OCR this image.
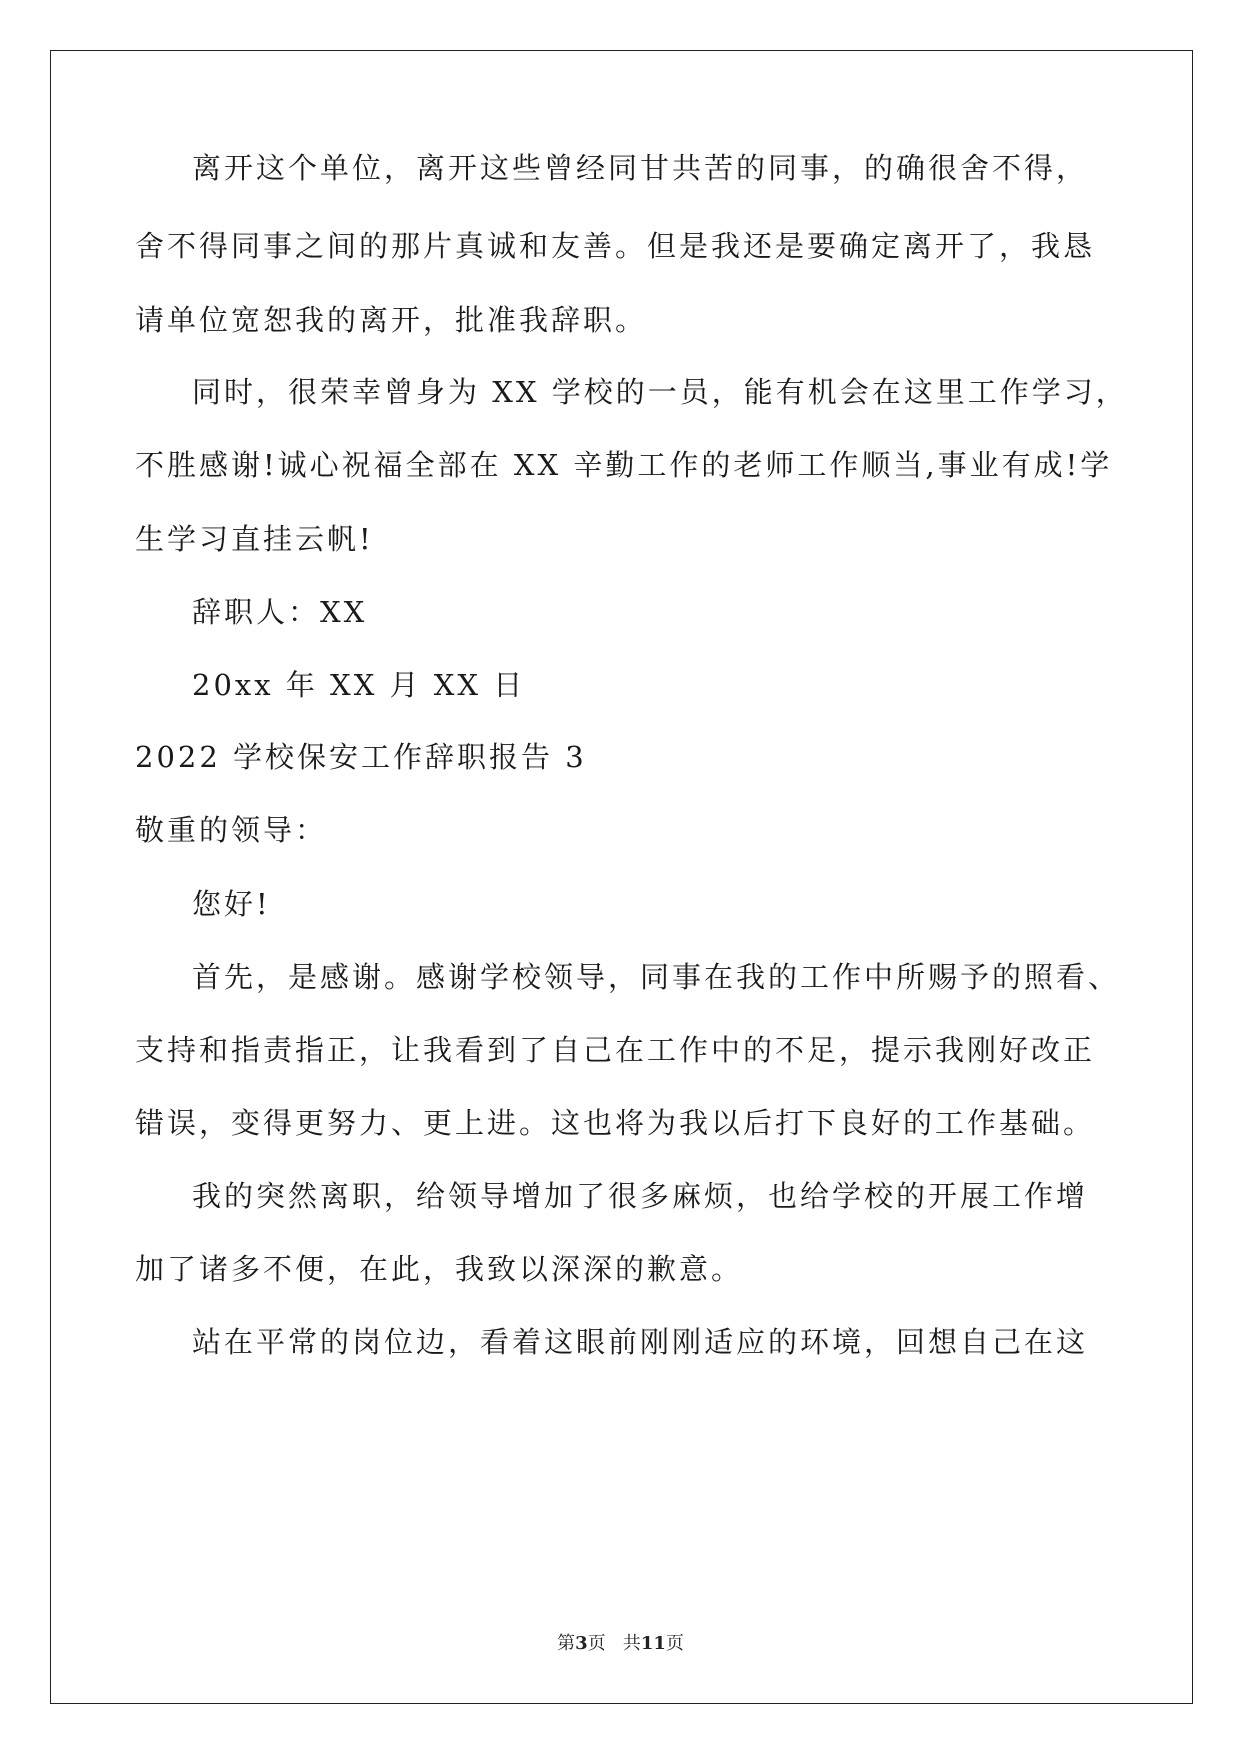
离开这个单位，离开这些曾经同甘共苦的同事，的确很舍不得，
舍不得同事之间的那片真诚和友善。但是我还是要确定离开了，我恳
请单位宽恕我的离开，批准我辞职。
同时，很荣幸曾身为 XX 学校的一员，能有机会在这里工作学习，
不胜感谢!诚心祝福全部在 XX 辛勤工作的老师工作顺当,事业有成!学
生学习直挂云帆!
辞职人：XX
20xx 年 XX 月 XX 日
2022 学校保安工作辞职报告 3
敬重的领导：
您好!
首先，是感谢。感谢学校领导，同事在我的工作中所赐予的照看、
支持和指责指正，让我看到了自己在工作中的不足，提示我刚好改正
错误，变得更努力、更上进。这也将为我以后打下良好的工作基础。
我的突然离职，给领导增加了很多麻烦，也给学校的开展工作增
加了诸多不便，在此，我致以深深的歉意。
站在平常的岗位边，看着这眼前刚刚适应的环境，回想自己在这
第3页 共11页
